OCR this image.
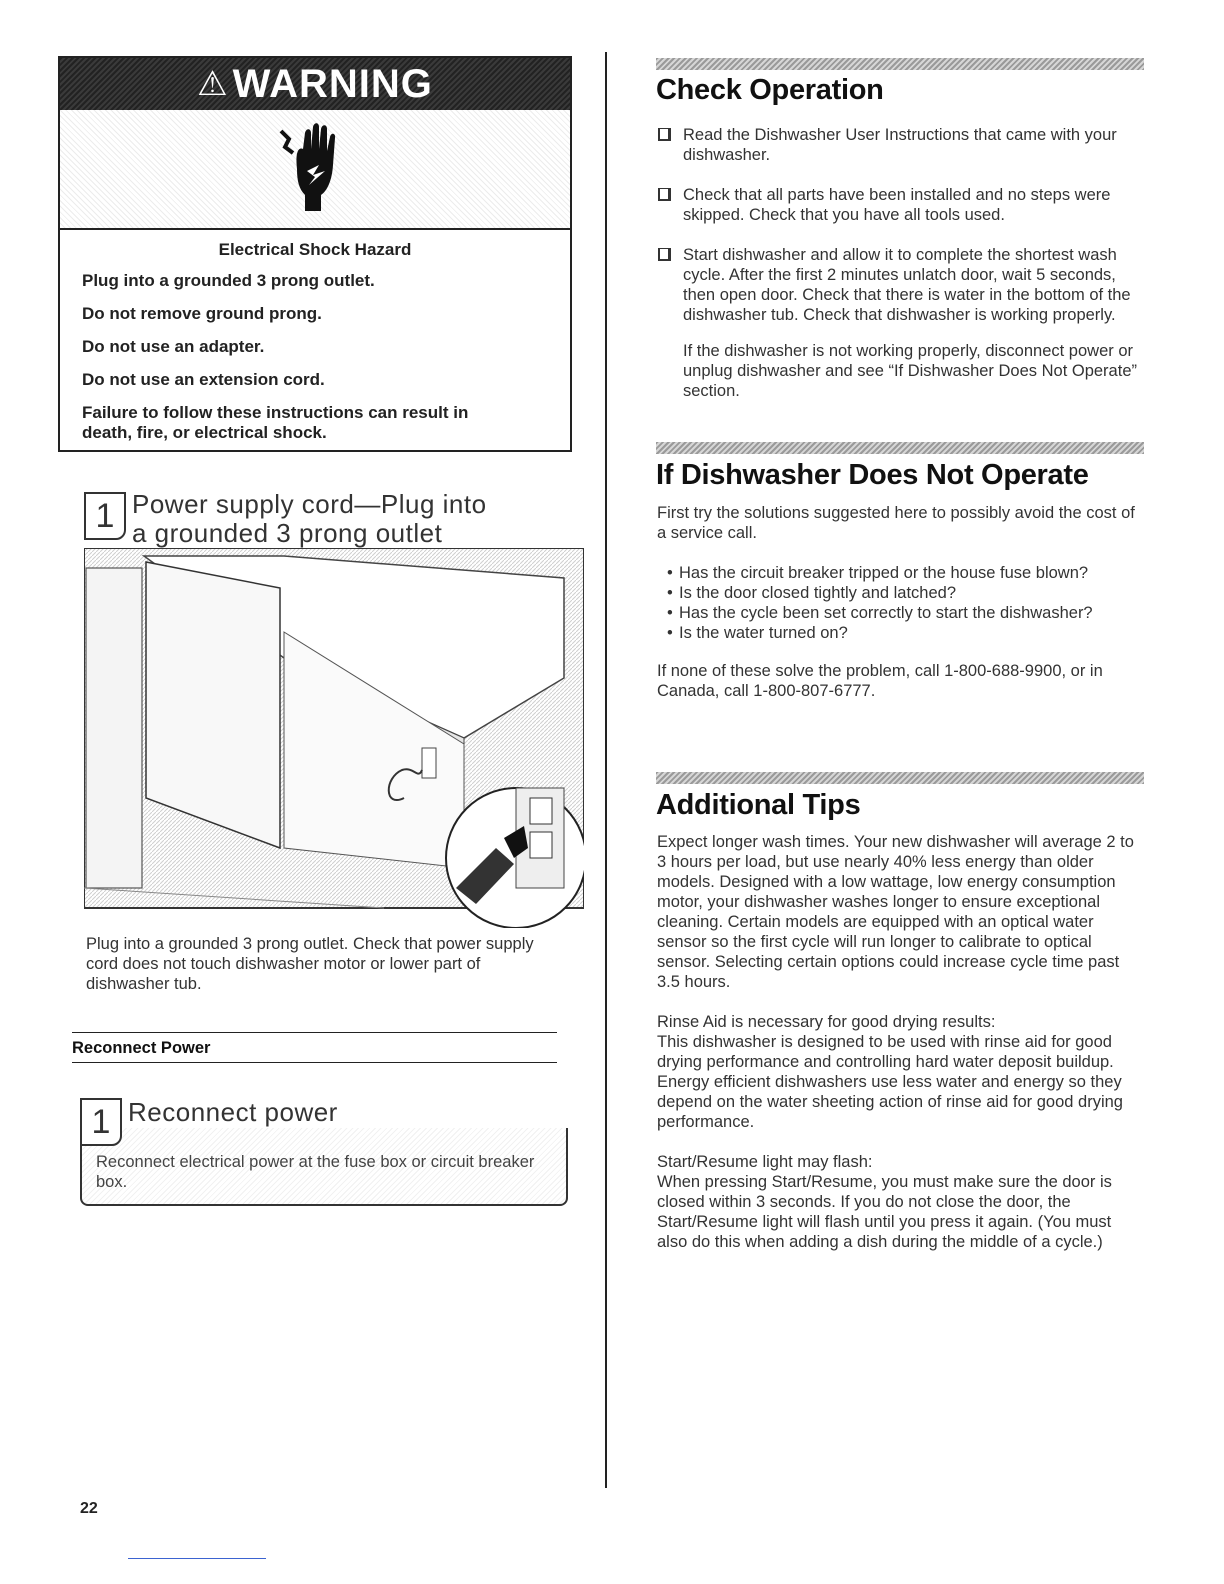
⚠ WARNING
Electrical Shock Hazard

Plug into a grounded 3 prong outlet.

Do not remove ground prong.

Do not use an adapter.

Do not use an extension cord.

Failure to follow these instructions can result in death, fire, or electrical shock.

1 Power supply cord—Plug into
a grounded 3 prong outlet

Plug into a grounded 3 prong outlet. Check that power supply cord does not touch dishwasher motor or lower part of dishwasher tub.

Reconnect Power
1 Reconnect power

Reconnect electrical power at the fuse box or circuit breaker box.

22
Check Operation
Read the Dishwasher User Instructions that came with your dishwasher.
Check that all parts have been installed and no steps were skipped. Check that you have all tools used.
Start dishwasher and allow it to complete the shortest wash cycle. After the first 2 minutes unlatch door, wait 5 seconds, then open door. Check that there is water in the bottom of the dishwasher tub. Check that dishwasher is working properly.

If the dishwasher is not working properly, disconnect power or unplug dishwasher and see “If Dishwasher Does Not Operate” section.

If Dishwasher Does Not Operate

First try the solutions suggested here to possibly avoid the cost of a service call.

• Has the circuit breaker tripped or the house fuse blown?
• Is the door closed tightly and latched?
• Has the cycle been set correctly to start the dishwasher?
• Is the water turned on?

If none of these solve the problem, call 1-800-688-9900, or in Canada, call 1-800-807-6777.

Additional Tips

Expect longer wash times. Your new dishwasher will average 2 to 3 hours per load, but use nearly 40% less energy than older models. Designed with a low wattage, low energy consumption motor, your dishwasher washes longer to ensure exceptional cleaning. Certain models are equipped with an optical water sensor so the first cycle will run longer to calibrate to optical sensor. Selecting certain options could increase cycle time past 3.5 hours.

Rinse Aid is necessary for good drying results:

This dishwasher is designed to be used with rinse aid for good drying performance and controlling hard water deposit buildup. Energy efficient dishwashers use less water and energy so they depend on the water sheeting action of rinse aid for good drying performance.

Start/Resume light may flash:

When pressing Start/Resume, you must make sure the door is closed within 3 seconds. If you do not close the door, the Start/Resume light will flash until you press it again. (You must also do this when adding a dish during the middle of a cycle.)
